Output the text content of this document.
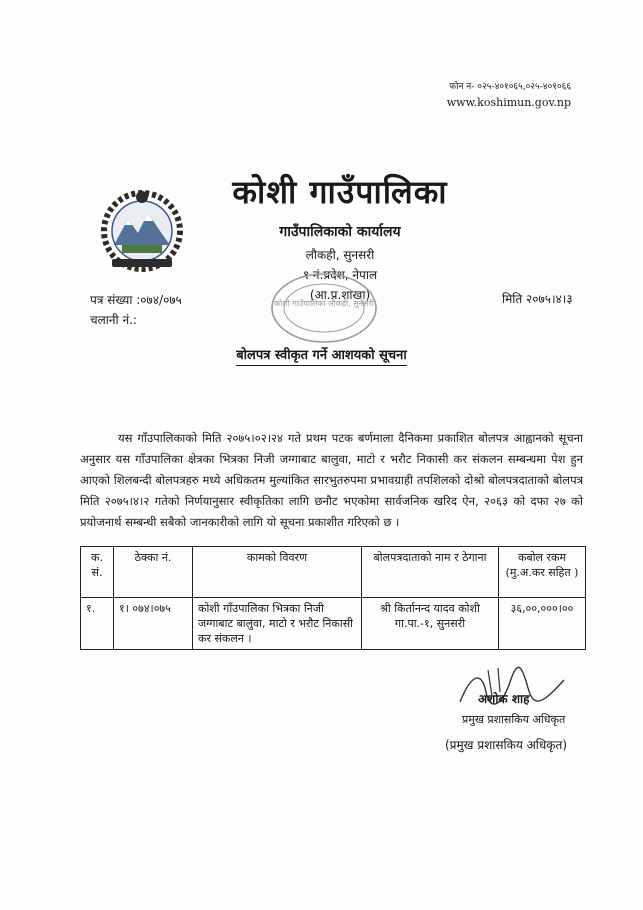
फोन न- ०२५-४०१०६५,०२५-४०१०६६
www.koshimun.gov.np
कोशी गाउँपालिका
गाउँपालिकाको कार्यालय
लौकही, सुनसरी
१ नं.प्रदेश, नेपाल
(आ.प्र.शाखा)
कोशी गाउँपालिका लौकही, सुनसरी
पत्र संख्या :०७४/०७५
चलानी नं.:
मिति २०७५।४।३
बोलपत्र स्वीकृत गर्ने आशयको सूचना
यस गाँउपालिकाको मिति २०७५।०२।२४ गते प्रथम पटक बर्णमाला दैनिकमा प्रकाशित बोलपत्र आह्वानको सूचना अनुसार यस गाँउपालिका क्षेत्रका भित्रका निजी जग्गाबाट बालुवा, माटो र भरौट निकासी कर संकलन सम्बन्धमा पेश हुन आएको शिलबन्दी बोलपत्रहरु मध्ये अधिकतम मुल्यांकित सारभुतरुपमा प्रभावग्राही तपशिलको दोश्रो बोलपत्रदाताको बोलपत्र मिति २०७५।४।२ गतेको निर्णयानुसार स्वीकृतिका लागि छनौट भएकोमा सार्वजनिक खरिद ऐन, २०६३ को दफा २७ को प्रयोजनार्थ सम्बन्धी सबैको जानकारीको लागि यो सूचना प्रकाशीत गरिएको छ ।
क. सं.	ठेक्का नं.	कामको विवरण	बोलपत्रदाताको नाम र ठेगाना	कबोल रकम (मु.अ.कर सहित )
१.	१। ०७४।०७५	कोशी गाँउपालिका भित्रका निजी जग्गाबाट बालुवा, माटो र भरौट निकासी कर संकलन ।	श्री किर्तानन्द यादव कोशी गा.पा.-१, सुनसरी	३६,००,०००।००
अशोक शाह
प्रमुख प्रशासकिय अधिकृत
(प्रमुख प्रशासकिय अधिकृत)
